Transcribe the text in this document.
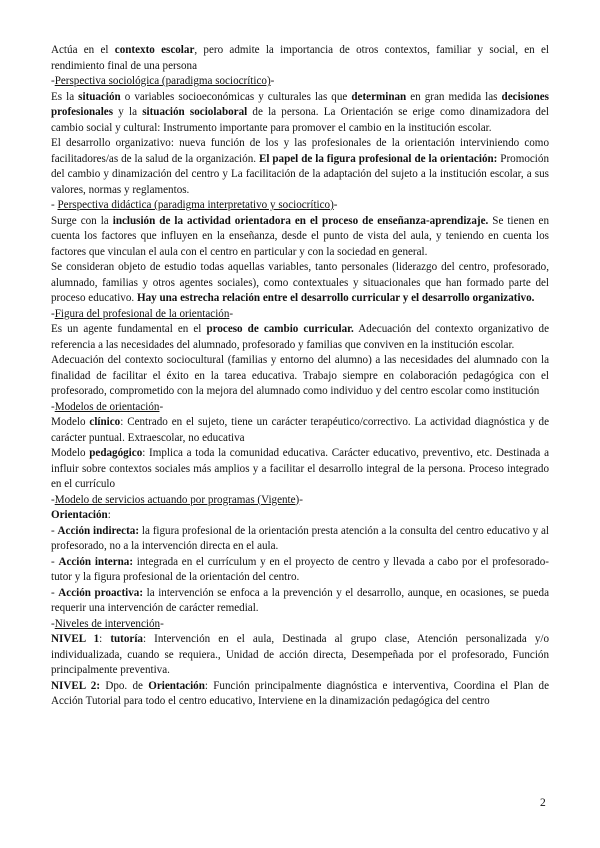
Actúa en el contexto escolar, pero admite la importancia de otros contextos, familiar y social, en el rendimiento final de una persona

-Perspectiva sociológica (paradigma sociocrítico)-

Es la situación o variables socioeconómicas y culturales las que determinan en gran medida las decisiones profesionales y la situación sociolaboral de la persona. La Orientación se erige como dinamizadora del cambio social y cultural: Instrumento importante para promover el cambio en la institución escolar.

El desarrollo organizativo: nueva función de los y las profesionales de la orientación interviniendo como facilitadores/as de la salud de la organización. El papel de la figura profesional de la orientación: Promoción del cambio y dinamización del centro y La facilitación de la adaptación del sujeto a la institución escolar, a sus valores, normas y reglamentos.

- Perspectiva didáctica (paradigma interpretativo y sociocrítico)-

Surge con la inclusión de la actividad orientadora en el proceso de enseñanza-aprendizaje. Se tienen en cuenta los factores que influyen en la enseñanza, desde el punto de vista del aula, y teniendo en cuenta los factores que vinculan el aula con el centro en particular y con la sociedad en general.

Se consideran objeto de estudio todas aquellas variables, tanto personales (liderazgo del centro, profesorado, alumnado, familias y otros agentes sociales), como contextuales y situacionales que han formado parte del proceso educativo. Hay una estrecha relación entre el desarrollo curricular y el desarrollo organizativo.

-Figura del profesional de la orientación-

Es un agente fundamental en el proceso de cambio curricular. Adecuación del contexto organizativo de referencia a las necesidades del alumnado, profesorado y familias que conviven en la institución escolar.

Adecuación del contexto sociocultural (familias y entorno del alumno) a las necesidades del alumnado con la finalidad de facilitar el éxito en la tarea educativa. Trabajo siempre en colaboración pedagógica con el profesorado, comprometido con la mejora del alumnado como individuo y del centro escolar como institución

-Modelos de orientación-

Modelo clínico: Centrado en el sujeto, tiene un carácter terapéutico/correctivo. La actividad diagnóstica y de carácter puntual. Extraescolar, no educativa

Modelo pedagógico: Implica a toda la comunidad educativa. Carácter educativo, preventivo, etc. Destinada a influir sobre contextos sociales más amplios y a facilitar el desarrollo integral de la persona. Proceso integrado en el currículo

-Modelo de servicios actuando por programas (Vigente)-

Orientación:

- Acción indirecta: la figura profesional de la orientación presta atención a la consulta del centro educativo y al profesorado, no a la intervención directa en el aula.

- Acción interna: integrada en el currículum y en el proyecto de centro y llevada a cabo por el profesorado-tutor y la figura profesional de la orientación del centro.

- Acción proactiva: la intervención se enfoca a la prevención y el desarrollo, aunque, en ocasiones, se pueda requerir una intervención de carácter remedial.

-Niveles de intervención-

NIVEL 1: tutoría: Intervención en el aula, Destinada al grupo clase, Atención personalizada y/o individualizada, cuando se requiera., Unidad de acción directa, Desempeñada por el profesorado, Función principalmente preventiva.

NIVEL 2: Dpo. de Orientación: Función principalmente diagnóstica e interventiva, Coordina el Plan de Acción Tutorial para todo el centro educativo, Interviene en la dinamización pedagógica del centro

2
